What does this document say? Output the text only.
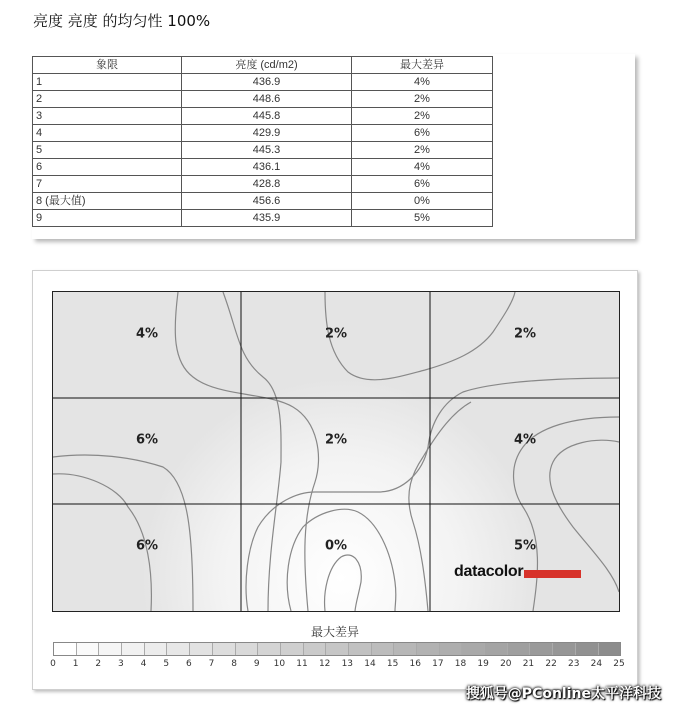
亮度 亮度 的均匀性 100%
象限	亮度 (cd/m2)	最大差异
1	436.9	4%
2	448.6	2%
3	445.8	2%
4	429.9	6%
5	445.3	2%
6	436.1	4%
7	428.8	6%
8 (最大值)	456.6	0%
9	435.9	5%
4%	2%	2%
6%	2%	4%
6%	0%	5%
datacolor
最大差异
0 1 2 3 4 5 6 7 8 9 10 11 12 13 14 15 16 17 18 19 20 21 22 23 24 25
搜狐号@PConline太平洋科技
